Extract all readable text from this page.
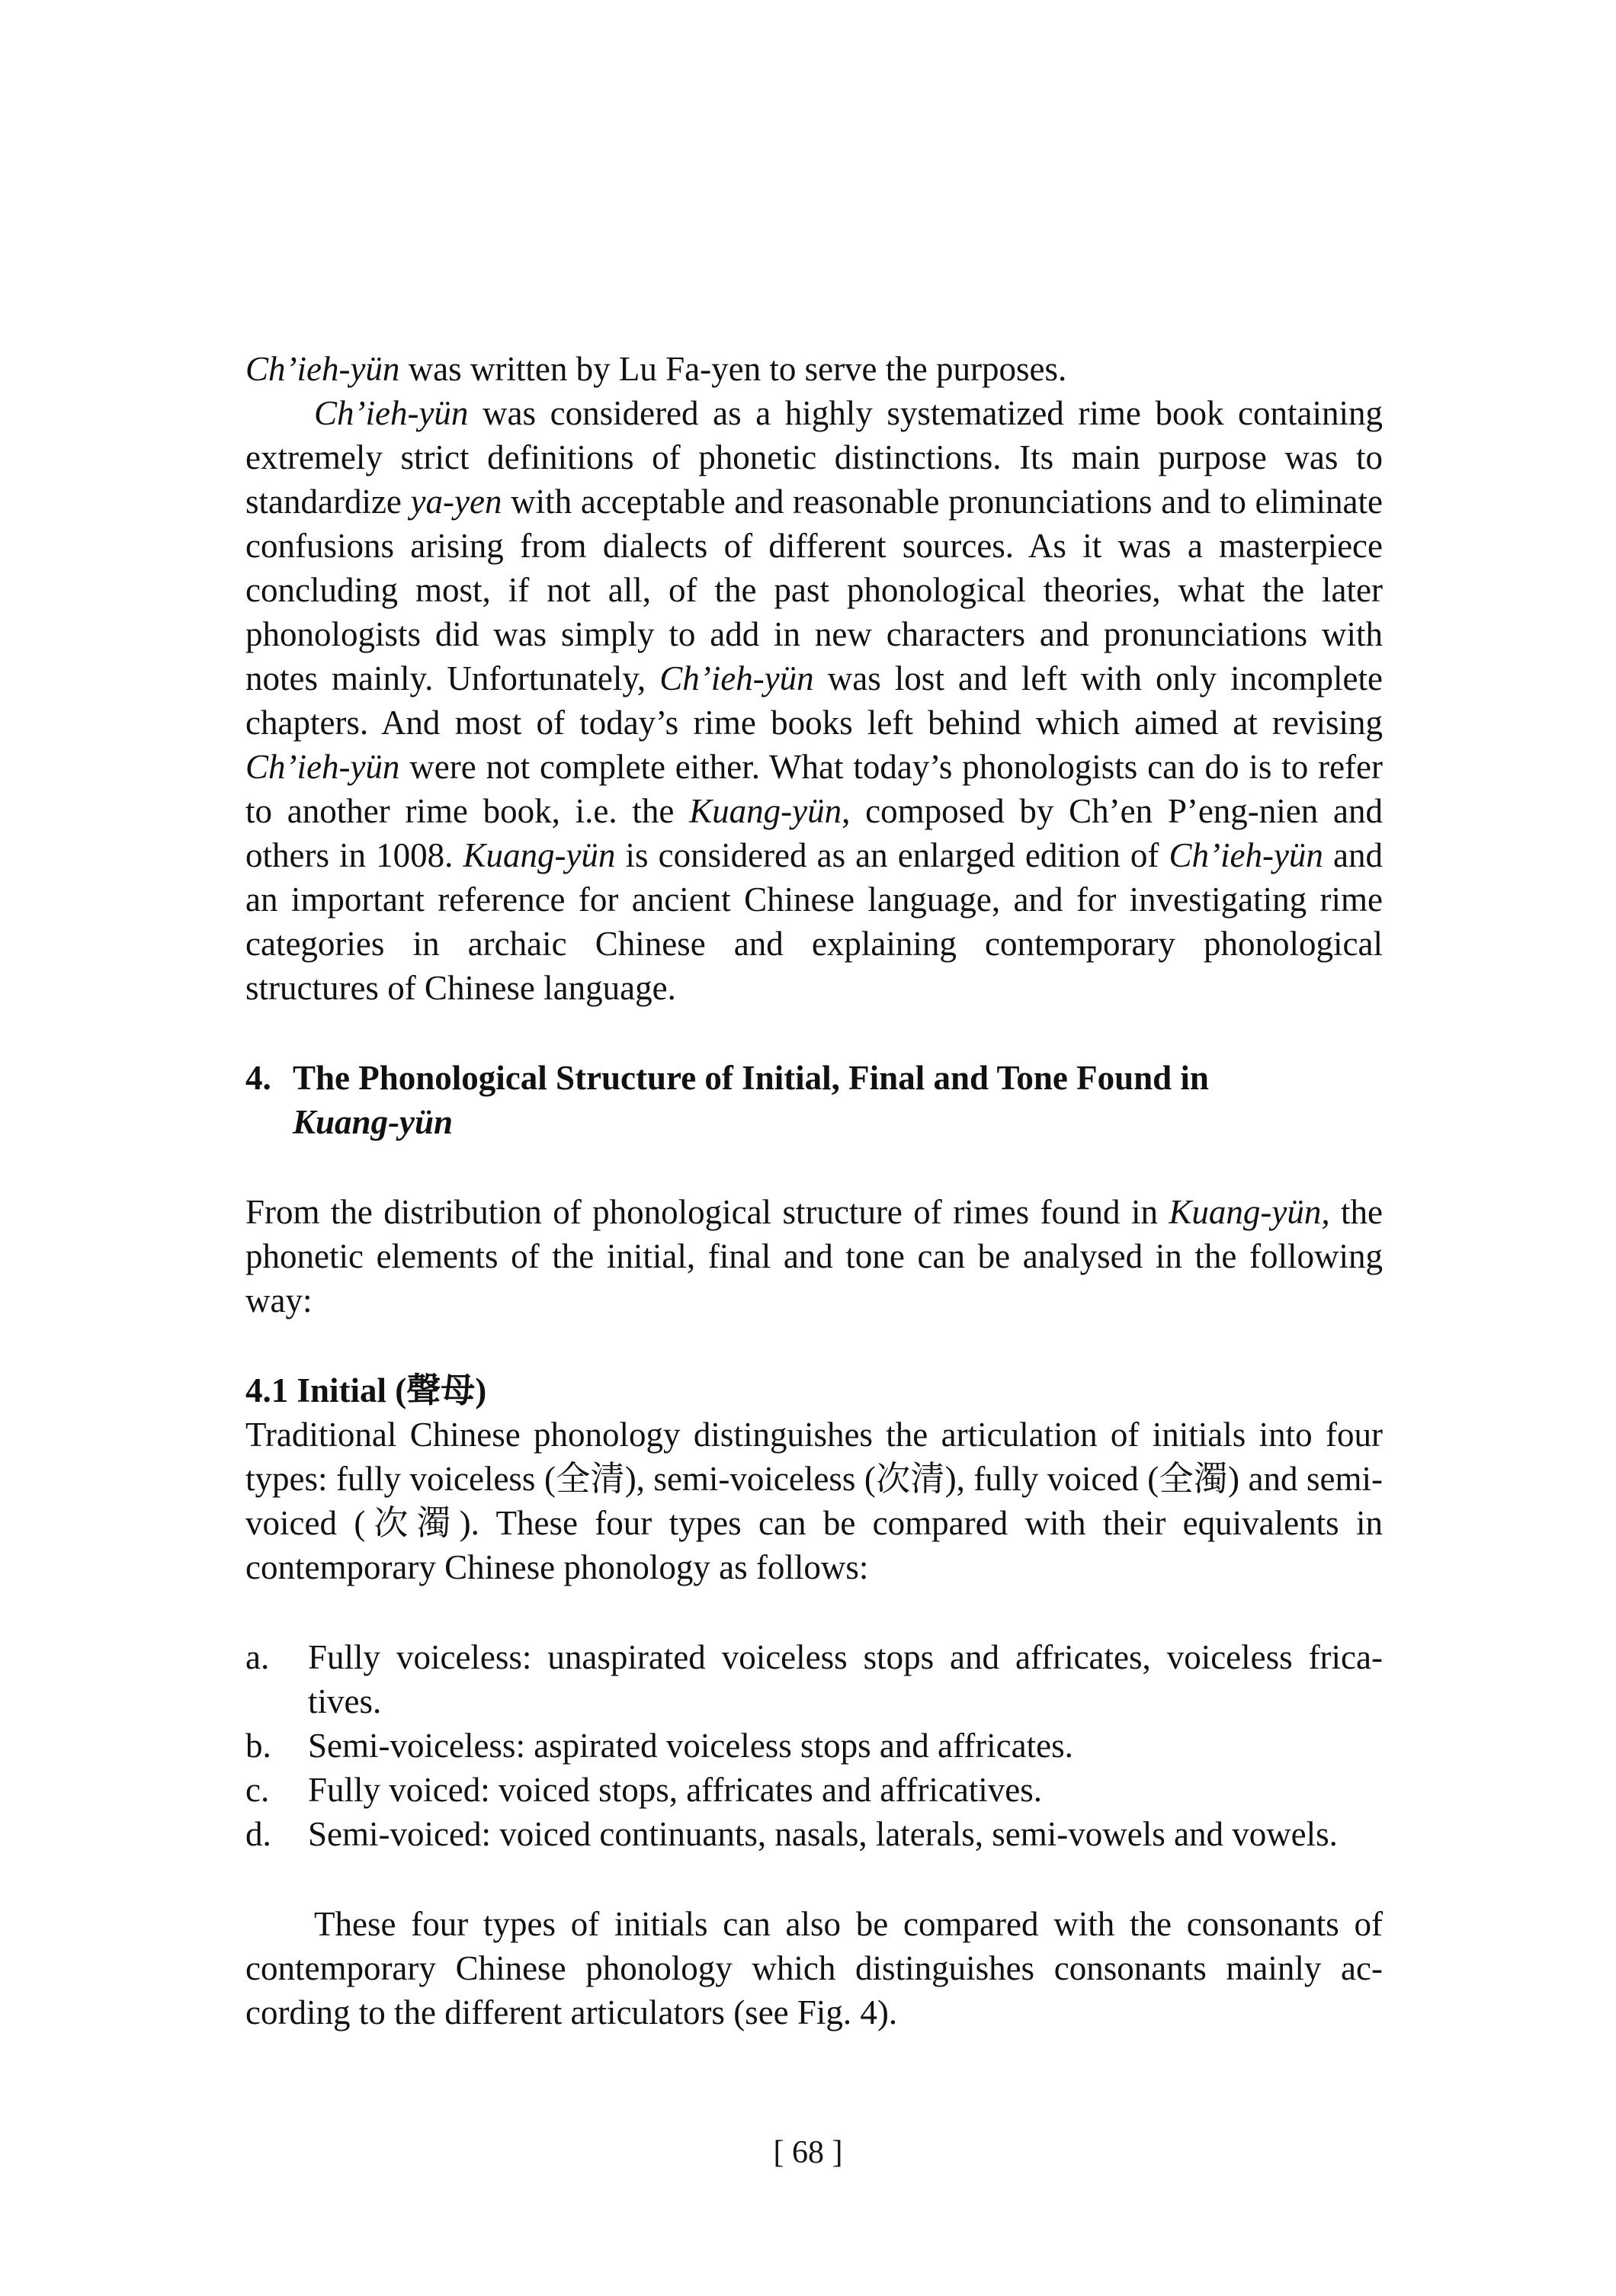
Ch’ieh-yün was written by Lu Fa-yen to serve the purposes.

Ch’ieh-yün was considered as a highly systematized rime book containing extremely strict definitions of phonetic distinctions. Its main purpose was to standardize ya-yen with acceptable and reasonable pronunciations and to eliminate confusions arising from dialects of different sources. As it was a masterpiece concluding most, if not all, of the past phonological theories, what the later phonologists did was simply to add in new characters and pronunciations with notes mainly. Unfortunately, Ch’ieh-yün was lost and left with only incomplete chapters. And most of today’s rime books left behind which aimed at revising Ch’ieh-yün were not complete either. What today’s phonologists can do is to refer to another rime book, i.e. the Kuang-yün, composed by Ch’en P’eng-nien and others in 1008. Kuang-yün is considered as an enlarged edition of Ch’ieh-yün and an important reference for ancient Chinese language, and for investigating rime categories in archaic Chinese and explaining contemporary phonological structures of Chinese language.

4. The Phonological Structure of Initial, Final and Tone Found in
Kuang-yün

From the distribution of phonological structure of rimes found in Kuang-yün, the phonetic elements of the initial, final and tone can be analysed in the following way:

4.1 Initial (聲母)

Traditional Chinese phonology distinguishes the articulation of initials into four types: fully voiceless (全清), semi-voiceless (次清), fully voiced (全濁) and semi-voiced (次濁). These four types can be compared with their equivalents in contemporary Chinese phonology as follows:

a.	Fully voiceless: unaspirated voiceless stops and affricates, voiceless fricatives.
b.	Semi-voiceless: aspirated voiceless stops and affricates.
c.	Fully voiced: voiced stops, affricates and affricatives.
d.	Semi-voiced: voiced continuants, nasals, laterals, semi-vowels and vowels.

These four types of initials can also be compared with the consonants of contemporary Chinese phonology which distinguishes consonants mainly according to the different articulators (see Fig. 4).

[ 68 ]
